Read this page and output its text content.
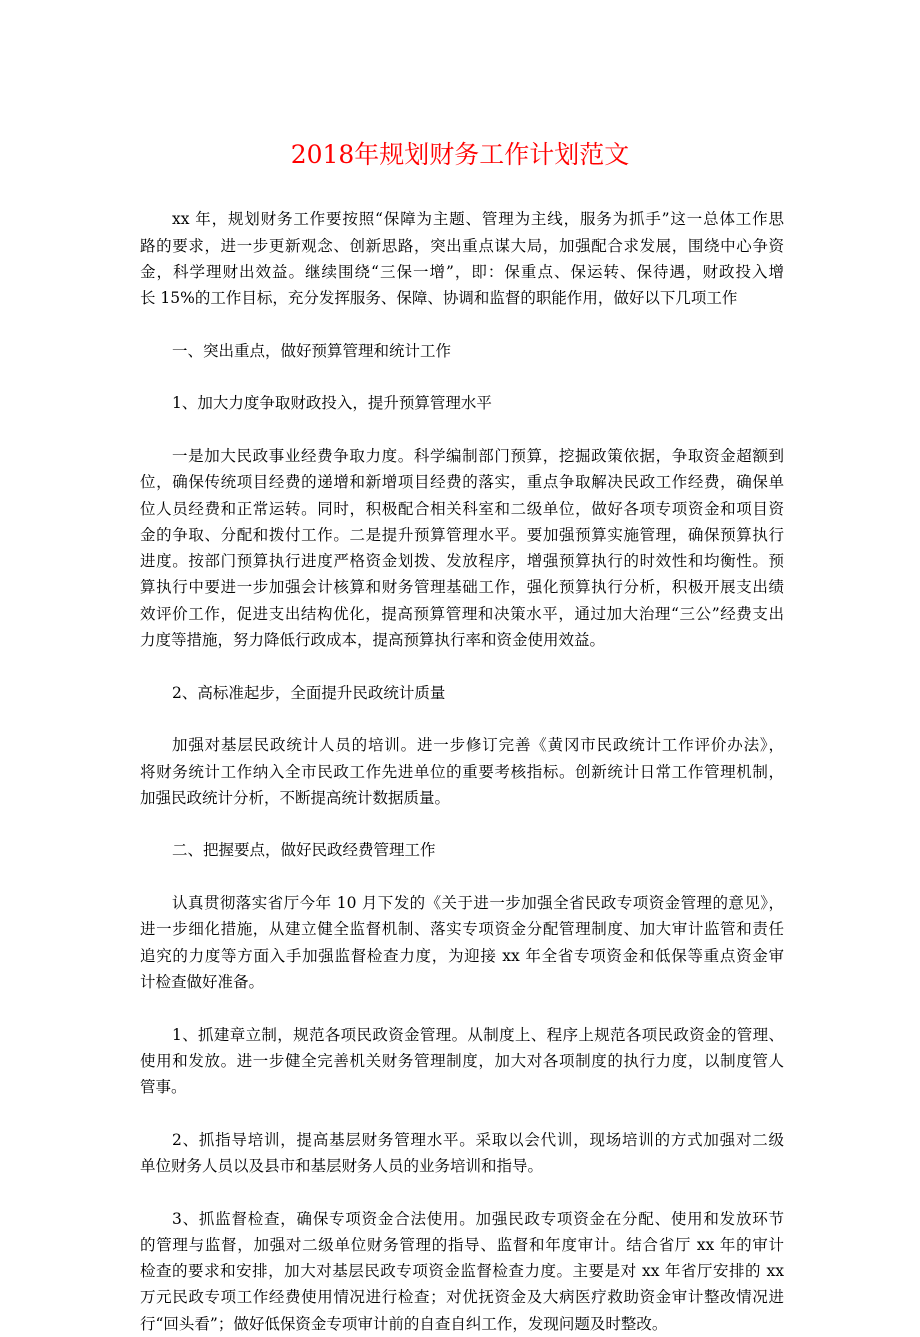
2018年规划财务工作计划范文

xx 年，规划财务工作要按照“保障为主题、管理为主线，服务为抓手”这一总体工作思
路的要求，进一步更新观念、创新思路，突出重点谋大局，加强配合求发展，围绕中心争资
金，科学理财出效益。继续围绕“三保一增”，即：保重点、保运转、保待遇，财政投入增
长 15%的工作目标，充分发挥服务、保障、协调和监督的职能作用，做好以下几项工作

一、突出重点，做好预算管理和统计工作

1、加大力度争取财政投入，提升预算管理水平

一是加大民政事业经费争取力度。科学编制部门预算，挖掘政策依据，争取资金超额到
位，确保传统项目经费的递增和新增项目经费的落实，重点争取解决民政工作经费，确保单
位人员经费和正常运转。同时，积极配合相关科室和二级单位，做好各项专项资金和项目资
金的争取、分配和拨付工作。二是提升预算管理水平。要加强预算实施管理，确保预算执行
进度。按部门预算执行进度严格资金划拨、发放程序，增强预算执行的时效性和均衡性。预
算执行中要进一步加强会计核算和财务管理基础工作，强化预算执行分析，积极开展支出绩
效评价工作，促进支出结构优化，提高预算管理和决策水平，通过加大治理“三公”经费支出
力度等措施，努力降低行政成本，提高预算执行率和资金使用效益。

2、高标准起步，全面提升民政统计质量

加强对基层民政统计人员的培训。进一步修订完善《黄冈市民政统计工作评价办法》，
将财务统计工作纳入全市民政工作先进单位的重要考核指标。创新统计日常工作管理机制，
加强民政统计分析，不断提高统计数据质量。

二、把握要点，做好民政经费管理工作

认真贯彻落实省厅今年 10 月下发的《关于进一步加强全省民政专项资金管理的意见》，
进一步细化措施，从建立健全监督机制、落实专项资金分配管理制度、加大审计监管和责任
追究的力度等方面入手加强监督检查力度，为迎接 xx 年全省专项资金和低保等重点资金审
计检查做好准备。

1、抓建章立制，规范各项民政资金管理。从制度上、程序上规范各项民政资金的管理、
使用和发放。进一步健全完善机关财务管理制度，加大对各项制度的执行力度，以制度管人
管事。

2、抓指导培训，提高基层财务管理水平。采取以会代训，现场培训的方式加强对二级
单位财务人员以及县市和基层财务人员的业务培训和指导。

3、抓监督检查，确保专项资金合法使用。加强民政专项资金在分配、使用和发放环节
的管理与监督，加强对二级单位财务管理的指导、监督和年度审计。结合省厅 xx 年的审计
检查的要求和安排，加大对基层民政专项资金监督检查力度。主要是对 xx 年省厅安排的 xx
万元民政专项工作经费使用情况进行检查；对优抚资金及大病医疗救助资金审计整改情况进
行“回头看”；做好低保资金专项审计前的自查自纠工作，发现问题及时整改。
